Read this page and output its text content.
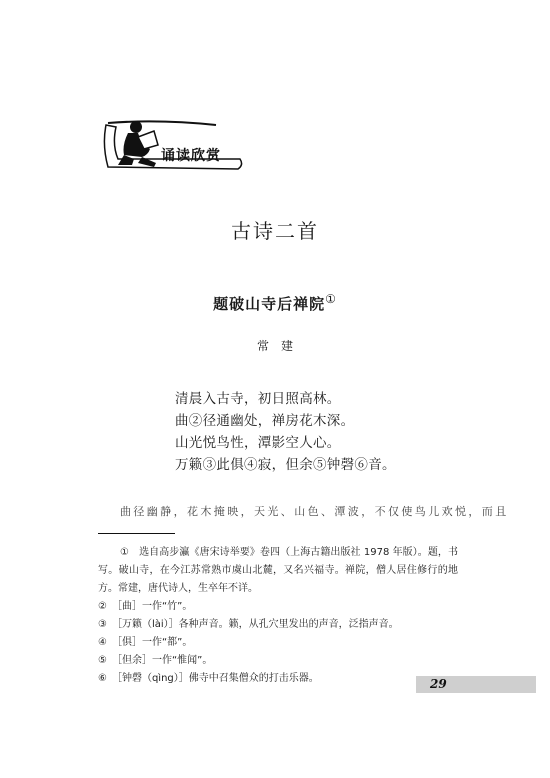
诵读欣赏
古诗二首
题破山寺后禅院①
常建
清晨入古寺，初日照高林。
曲②径通幽处，禅房花木深。
山光悦鸟性，潭影空人心。
万籁③此俱④寂，但余⑤钟磬⑥音。
曲径幽静，花木掩映，天光、山色、潭波，不仅使鸟儿欢悦，而且
①　选自高步瀛《唐宋诗举要》卷四（上海古籍出版社 1978 年版）。题，书写。破山寺，在今江苏常熟市虞山北麓，又名兴福寺。禅院，僧人居住修行的地方。常建，唐代诗人，生卒年不详。
②　［曲］一作“竹”。
③　［万籁（lài）］各种声音。籁，从孔穴里发出的声音，泛指声音。
④　［俱］一作“都”。
⑤　［但余］一作“惟闻”。
⑥　［钟磬（qìng）］佛寺中召集僧众的打击乐器。	29
